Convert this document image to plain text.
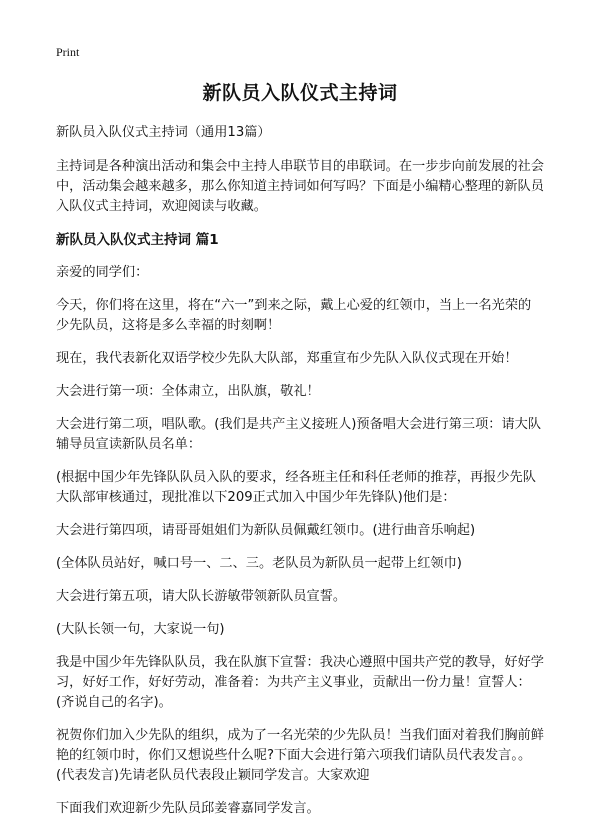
Print
新队员入队仪式主持词

新队员入队仪式主持词（通用13篇）

主持词是各种演出活动和集会中主持人串联节目的串联词。在一步步向前发展的社会中，活动集会越来越多，那么你知道主持词如何写吗？下面是小编精心整理的新队员入队仪式主持词，欢迎阅读与收藏。

新队员入队仪式主持词 篇1

亲爱的同学们：

今天，你们将在这里，将在“六一”到来之际，戴上心爱的红领巾，当上一名光荣的少先队员，这将是多么幸福的时刻啊！

现在，我代表新化双语学校少先队大队部，郑重宣布少先队入队仪式现在开始！

大会进行第一项：全体肃立，出队旗，敬礼！

大会进行第二项，唱队歌。(我们是共产主义接班人)预备唱大会进行第三项：请大队辅导员宣读新队员名单：

(根据中国少年先锋队队员入队的要求，经各班主任和科任老师的推荐，再报少先队大队部审核通过，现批准以下209正式加入中国少年先锋队)他们是：

大会进行第四项，请哥哥姐姐们为新队员佩戴红领巾。(进行曲音乐响起)

(全体队员站好，喊口号一、二、三。老队员为新队员一起带上红领巾)

大会进行第五项，请大队长游敏带领新队员宣誓。

(大队长领一句，大家说一句)

我是中国少年先锋队队员，我在队旗下宣誓：我决心遵照中国共产党的教导，好好学习，好好工作，好好劳动，准备着：为共产主义事业，贡献出一份力量！宣誓人：(齐说自己的名字)。

祝贺你们加入少先队的组织，成为了一名光荣的少先队员！当我们面对着我们胸前鲜艳的红领巾时，你们又想说些什么呢?下面大会进行第六项我们请队员代表发言。。(代表发言)先请老队员代表段止颖同学发言。大家欢迎

下面我们欢迎新少先队员邱姜睿嘉同学发言。
